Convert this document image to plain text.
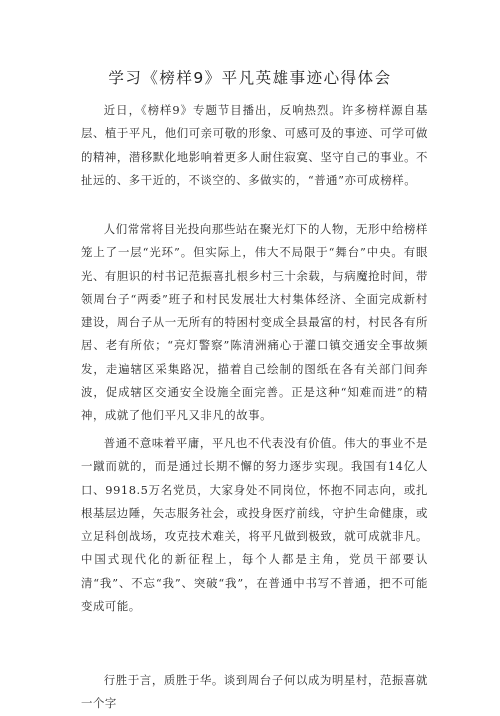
学习《榜样9》平凡英雄事迹心得体会

近日，《榜样9》专题节目播出，反响热烈。许多榜样源自基层、植于平凡，他们可亲可敬的形象、可感可及的事迹、可学可做的精神，潜移默化地影响着更多人耐住寂寞、坚守自己的事业。不扯远的、多干近的，不谈空的、多做实的，“普通”亦可成榜样。

人们常常将目光投向那些站在聚光灯下的人物，无形中给榜样笼上了一层“光环”。但实际上，伟大不局限于“舞台”中央。有眼光、有胆识的村书记范振喜扎根乡村三十余载，与病魔抢时间，带领周台子“两委”班子和村民发展壮大村集体经济、全面完成新村建设，周台子从一无所有的特困村变成全县最富的村，村民各有所居、老有所依；“亮灯警察”陈清洲痛心于灌口镇交通安全事故频发，走遍辖区采集路况，描着自己绘制的图纸在各有关部门间奔波，促成辖区交通安全设施全面完善。正是这种“知难而进”的精神，成就了他们平凡又非凡的故事。

普通不意味着平庸，平凡也不代表没有价值。伟大的事业不是一蹴而就的，而是通过长期不懈的努力逐步实现。我国有14亿人口、9918.5万名党员，大家身处不同岗位，怀抱不同志向，或扎根基层边陲，矢志服务社会，或投身医疗前线，守护生命健康，或立足科创战场，攻克技术难关，将平凡做到极致，就可成就非凡。中国式现代化的新征程上，每个人都是主角，党员干部要认清“我”、不忘“我”、突破“我”，在普通中书写不普通，把不可能变成可能。

行胜于言，质胜于华。谈到周台子何以成为明星村，范振喜就一个字
